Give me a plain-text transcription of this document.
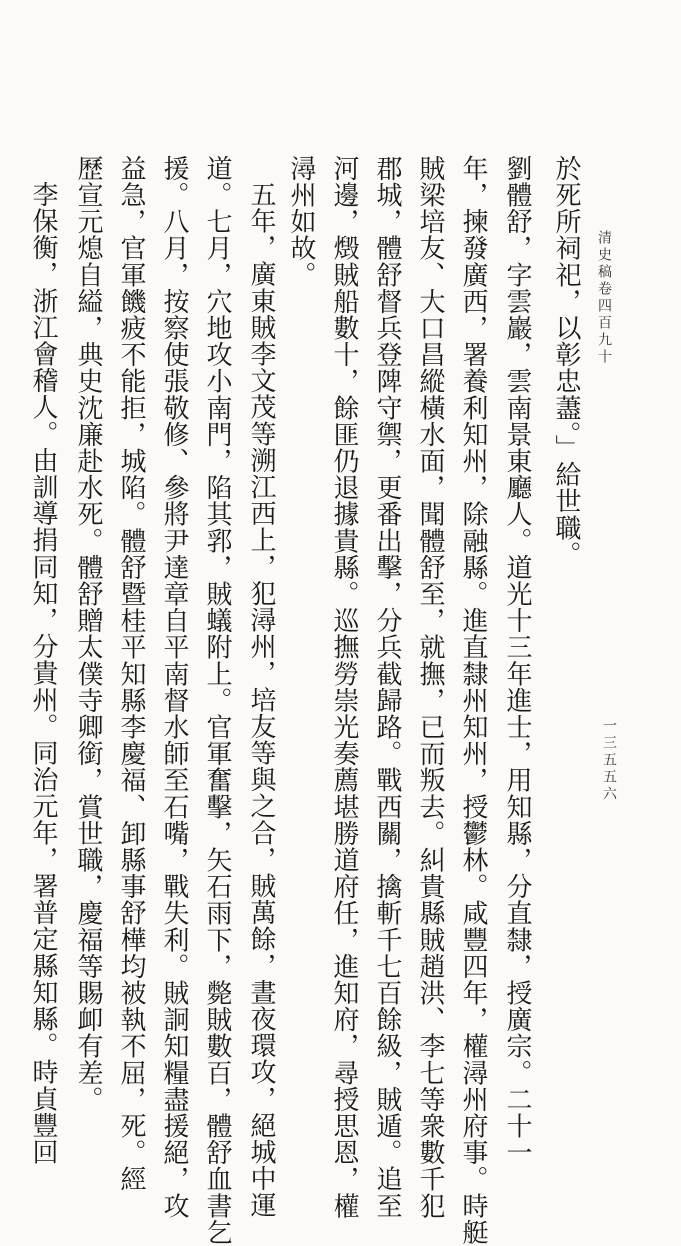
清史稿卷四百九十
一三五五六
於死所祠祀，以彰忠藎。」給世職。
劉體舒，字雲巖，雲南景東廳人。道光十三年進士，用知縣，分直隸，授廣宗。二十一
年，揀發廣西，署養利知州，除融縣。進直隸州知州，授鬱林。咸豐四年，權潯州府事。時艇
賊梁培友、大口昌縱橫水面，聞體舒至，就撫，已而叛去。糾貴縣賊趙洪、李七等衆數千犯
郡城，體舒督兵登陴守禦，更番出擊，分兵截歸路。戰西關，擒斬千七百餘級，賊遁。追至
河邊，燬賊船數十，餘匪仍退據貴縣。巡撫勞崇光奏薦堪勝道府任，進知府，尋授思恩，權
潯州如故。
五年，廣東賊李文茂等溯江西上，犯潯州，培友等與之合，賊萬餘，晝夜環攻，絕城中運
道。七月，穴地攻小南門，陷其郛，賊蟻附上。官軍奮擊，矢石雨下，斃賊數百，體舒血書乞
援。八月，按察使張敬修、參將尹達章自平南督水師至石嘴，戰失利。賊詗知糧盡援絕，攻
益急，官軍饑疲不能拒，城陷。體舒暨桂平知縣李慶福、卸縣事舒樺均被執不屈，死。經
歷宣元熄自縊，典史沈廉赴水死。體舒贈太僕寺卿銜，賞世職，慶福等賜卹有差。
李保衡，浙江會稽人。由訓導捐同知，分貴州。同治元年，署普定縣知縣。時貞豐回
